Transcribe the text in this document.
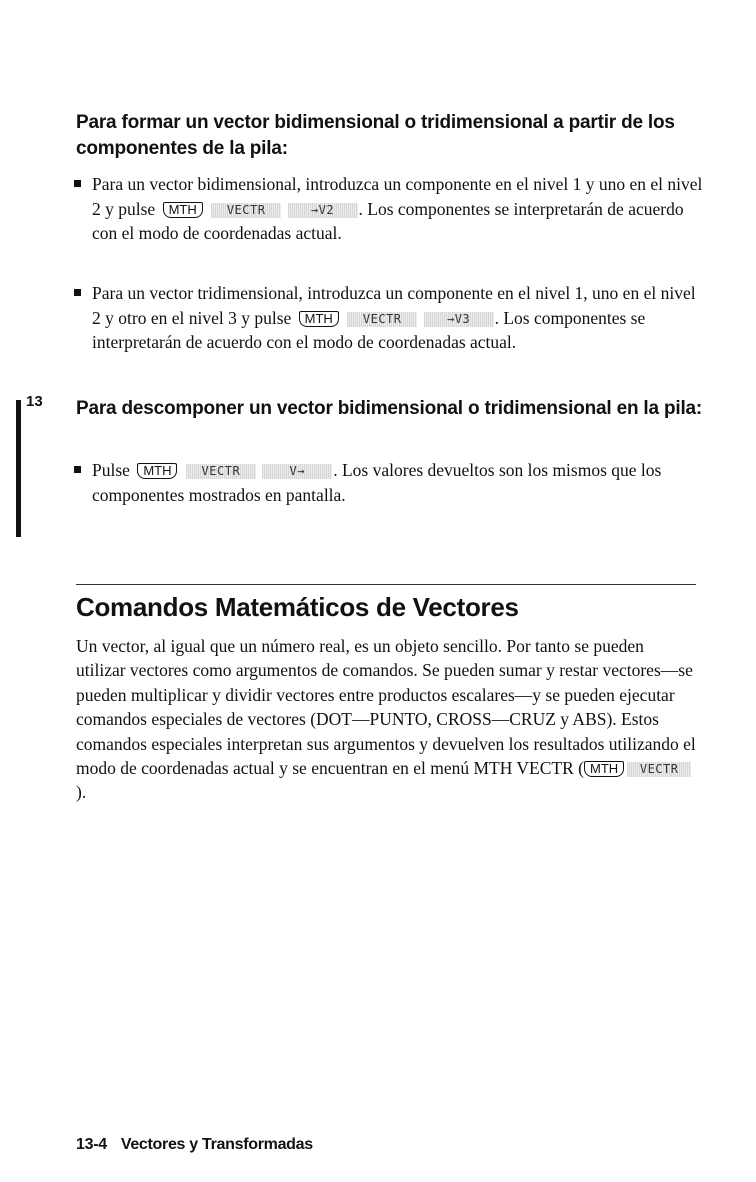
Para formar un vector bidimensional o tridimensional a partir de los componentes de la pila:
Para un vector bidimensional, introduzca un componente en el nivel 1 y uno en el nivel 2 y pulse MTH	VECTR	→V2 . Los componentes se interpretarán de acuerdo con el modo de coordenadas actual.
Para un vector tridimensional, introduzca un componente en el nivel 1, uno en el nivel 2 y otro en el nivel 3 y pulse MTH	VECTR	→V3 . Los componentes se interpretarán de acuerdo con el modo de coordenadas actual.
13 Para descomponer un vector bidimensional o tridimensional en la pila:
Pulse MTH	VECTR	V→ . Los valores devueltos son los mismos que los componentes mostrados en pantalla.
Comandos Matemáticos de Vectores
Un vector, al igual que un número real, es un objeto sencillo. Por tanto se pueden utilizar vectores como argumentos de comandos. Se pueden sumar y restar vectores—se pueden multiplicar y dividir vectores entre productos escalares—y se pueden ejecutar comandos especiales de vectores (DOT—PUNTO, CROSS—CRUZ y ABS). Estos comandos especiales interpretan sus argumentos y devuelven los resultados utilizando el modo de coordenadas actual y se encuentran en el menú MTH VECTR ( MTH VECTR).
13-4 Vectores y Transformadas
